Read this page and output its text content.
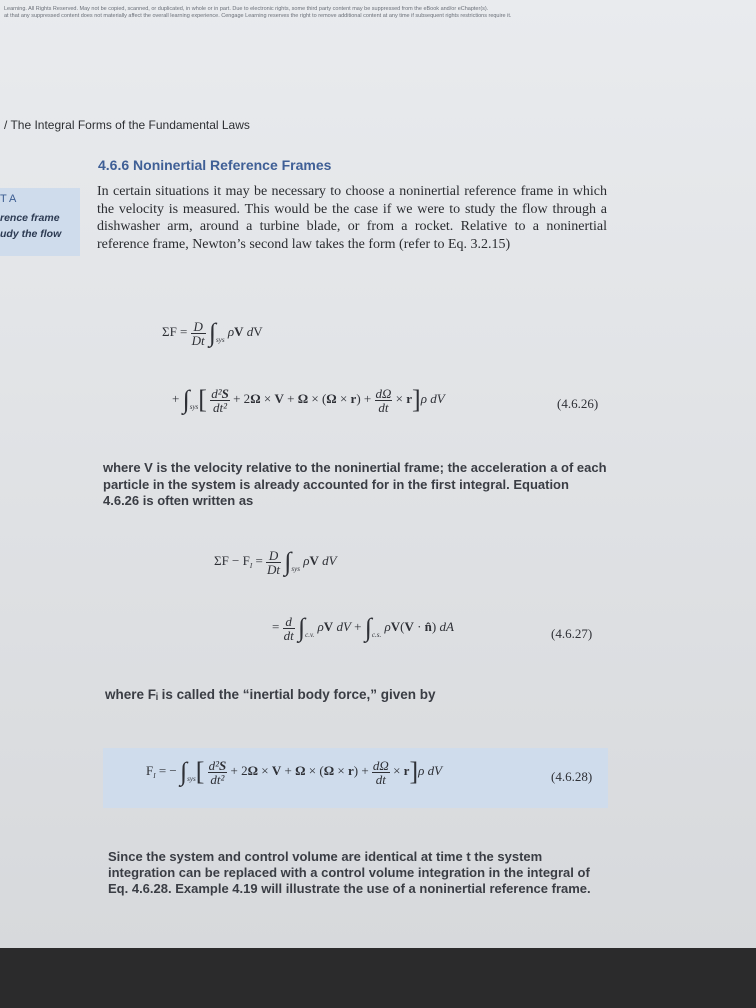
Learning. All Rights Reserved. May not be copied, scanned, or duplicated, in whole or in part. Due to electronic rights, some third party content may be suppressed from the eBook and/or eChapter(s).
at that any suppressed content does not materially affect the overall learning experience. Cengage Learning reserves the right to remove additional content at any time if subsequent rights restrictions require it.
/ The Integral Forms of the Fundamental Laws
4.6.6 Noninertial Reference Frames
T A
rence frame
udy the flow
In certain situations it may be necessary to choose a noninertial reference frame in which the velocity is measured. This would be the case if we were to study the flow through a dishwasher arm, around a turbine blade, or from a rocket. Relative to a noninertial reference frame, Newton’s second law takes the form (refer to Eq. 3.2.15)
$\Sigma F = \frac{D}{Dt} \int_{sys}$ ρV dV
+ $\int_{sys}[ \frac{\text{d²S}}{\text{dt²}} + 2\Omega \times V + \Omega \times (\Omega \times r) + \frac{d\Omega}{dt} \times r]\rho$ dV	(4.6.26)
where V is the velocity relative to the noninertial frame; the acceleration a of each particle in the system is already accounted for in the first integral. Equation 4.6.26 is often written as
$\Sigma F - F_I = \frac{D}{Dt} \int_{sys}$ ρV dV
= $\frac{d}{dt} \int_{c.v.}$ ρV dV + $\int_{c.s.}$ ρV(V · n̂) dA	(4.6.27)
where Fᵢ is called the “inertial body force,” given by
$F_I$ = − $\int_{sys}[ \frac{\text{d²S}}{\text{dt²}} + 2\Omega \times V + \Omega \times (\Omega \times r) + \frac{d\Omega}{dt} \times r]\rho$ dV	(4.6.28)
Since the system and control volume are identical at time t the system integration can be replaced with a control volume integration in the integral of Eq. 4.6.28. Example 4.19 will illustrate the use of a noninertial reference frame.
